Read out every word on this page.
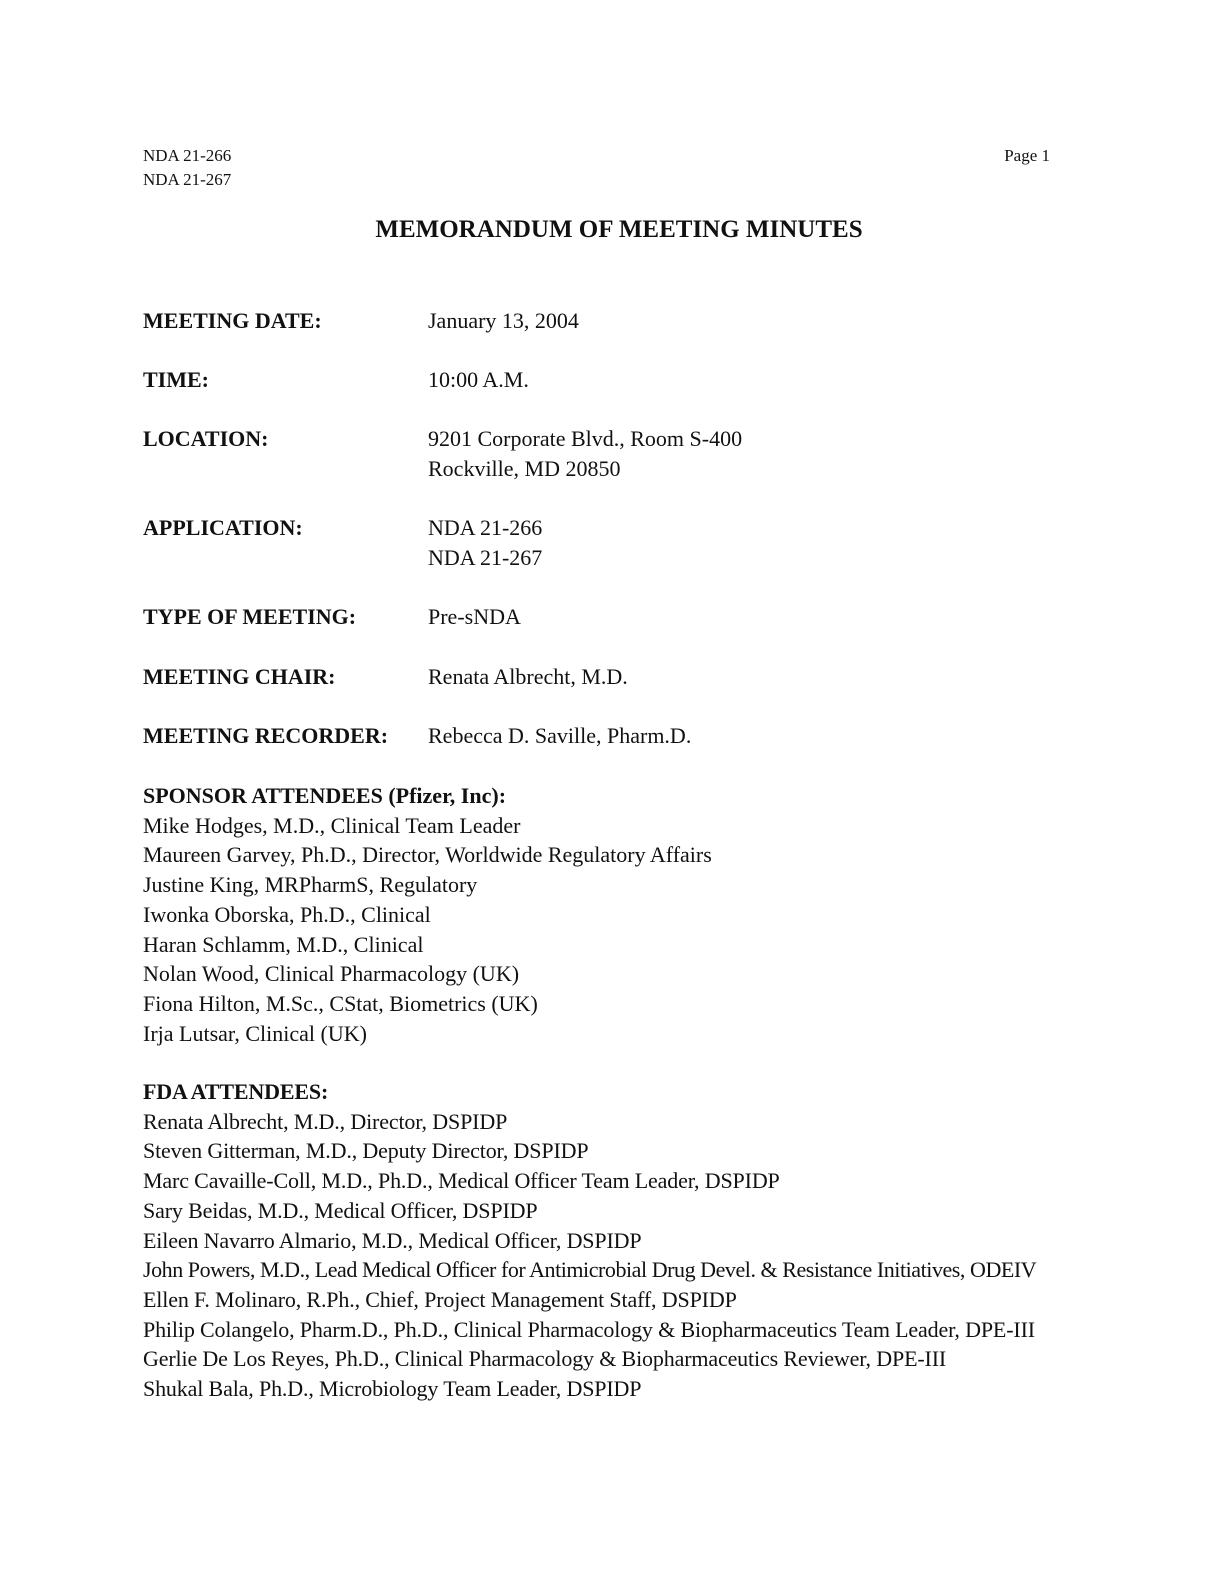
NDA 21-266
NDA 21-267
Page 1
MEMORANDUM OF MEETING MINUTES
MEETING DATE:	January 13, 2004
TIME:	10:00 A.M.
LOCATION:	9201 Corporate Blvd., Room S-400
Rockville, MD 20850
APPLICATION:	NDA 21-266
NDA 21-267
TYPE OF MEETING:	Pre-sNDA
MEETING CHAIR:	Renata Albrecht, M.D.
MEETING RECORDER: Rebecca D. Saville, Pharm.D.
SPONSOR ATTENDEES (Pfizer, Inc):
Mike Hodges, M.D., Clinical Team Leader
Maureen Garvey, Ph.D., Director, Worldwide Regulatory Affairs
Justine King, MRPharmS, Regulatory
Iwonka Oborska, Ph.D., Clinical
Haran Schlamm, M.D., Clinical
Nolan Wood, Clinical Pharmacology (UK)
Fiona Hilton, M.Sc., CStat, Biometrics (UK)
Irja Lutsar, Clinical (UK)
FDA ATTENDEES:
Renata Albrecht, M.D., Director, DSPIDP
Steven Gitterman, M.D., Deputy Director, DSPIDP
Marc Cavaille-Coll, M.D., Ph.D., Medical Officer Team Leader, DSPIDP
Sary Beidas, M.D., Medical Officer, DSPIDP
Eileen Navarro Almario, M.D., Medical Officer, DSPIDP
John Powers, M.D., Lead Medical Officer for Antimicrobial Drug Devel. & Resistance Initiatives, ODEIV
Ellen F. Molinaro, R.Ph., Chief, Project Management Staff, DSPIDP
Philip Colangelo, Pharm.D., Ph.D., Clinical Pharmacology & Biopharmaceutics Team Leader, DPE-III
Gerlie De Los Reyes, Ph.D., Clinical Pharmacology & Biopharmaceutics Reviewer, DPE-III
Shukal Bala, Ph.D., Microbiology Team Leader, DSPIDP
